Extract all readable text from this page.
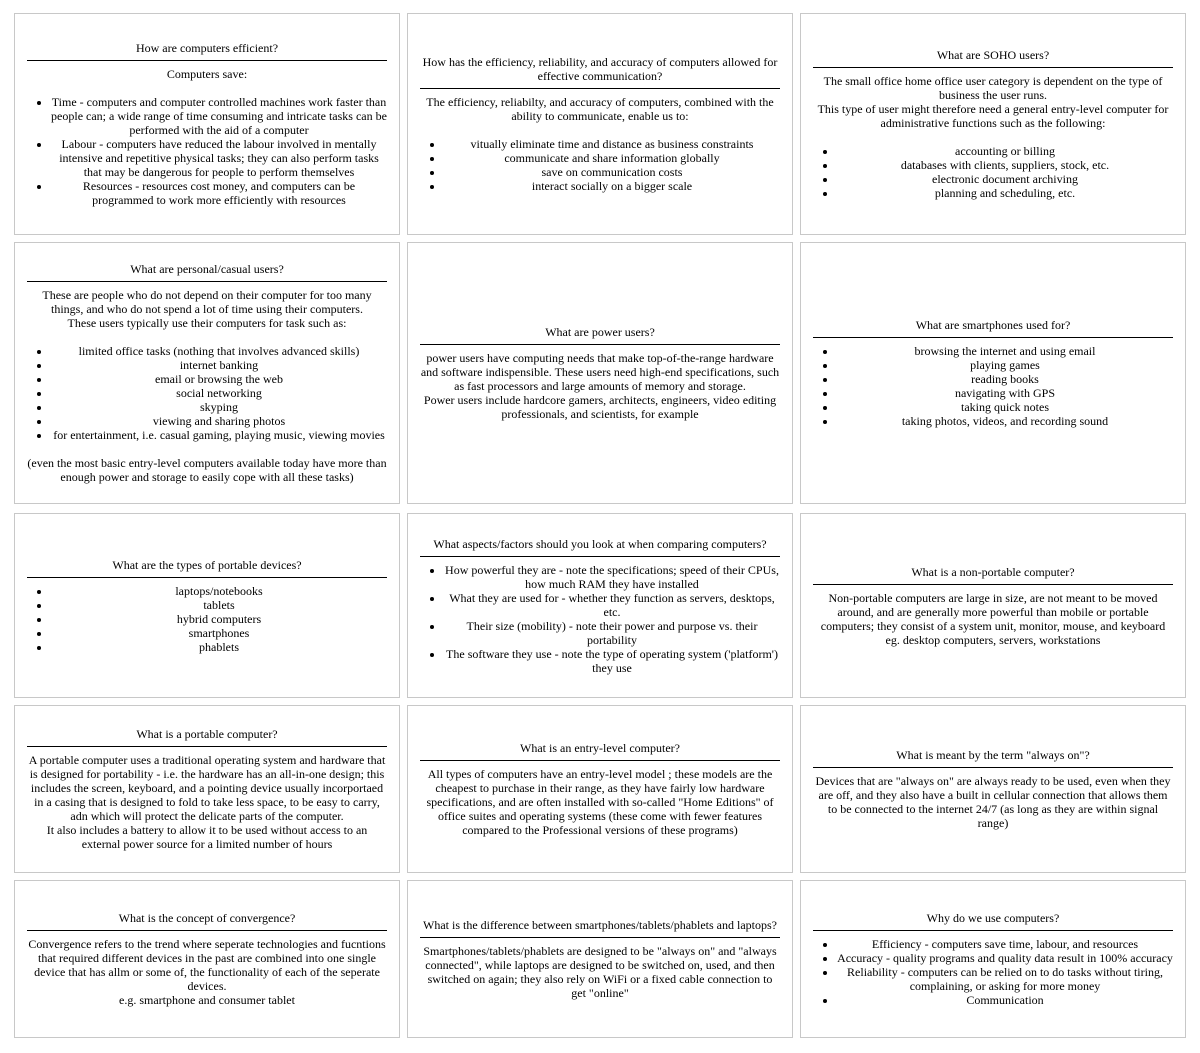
How are computers efficient?

Computers save:

• Time - computers and computer controlled machines work faster than people can; a wide range of time consuming and intricate tasks can be performed with the aid of a computer
• Labour - computers have reduced the labour involved in mentally intensive and repetitive physical tasks; they can also perform tasks that may be dangerous for people to perform themselves
• Resources - resources cost money, and computers can be programmed to work more efficiently with resources
How has the efficiency, reliability, and accuracy of computers allowed for effective communication?

The efficiency, reliabilty, and accuracy of computers, combined with the ability to communicate, enable us to:

• vitually eliminate time and distance as business constraints
• communicate and share information globally
• save on communication costs
• interact socially on a bigger scale
What are SOHO users?

The small office home office user category is dependent on the type of business the user runs.

This type of user might therefore need a general entry-level computer for administrative functions such as the following:

• accounting or billing
• databases with clients, suppliers, stock, etc.
• electronic document archiving
• planning and scheduling, etc.
What are personal/casual users?

These are people who do not depend on their computer for too many things, and who do not spend a lot of time using their computers.

These users typically use their computers for task such as:

• limited office tasks (nothing that involves advanced skills)
• internet banking
• email or browsing the web
• social networking
• skyping
• viewing and sharing photos
• for entertainment, i.e. casual gaming, playing music, viewing movies

(even the most basic entry-level computers available today have more than enough power and storage to easily cope with all these tasks)

What are power users?

power users have computing needs that make top-of-the-range hardware and software indispensible. These users need high-end specifications, such as fast processors and large amounts of memory and storage.

Power users include hardcore gamers, architects, engineers, video editing professionals, and scientists, for example

What are smartphones used for?
• browsing the internet and using email
• playing games
• reading books
• navigating with GPS
• taking quick notes
• taking photos, videos, and recording sound
What are the types of portable devices?
• laptops/notebooks
• tablets
• hybrid computers
• smartphones
• phablets
What aspects/factors should you look at when comparing computers?
• How powerful they are - note the specifications; speed of their CPUs, how much RAM they have installed
• What they are used for - whether they function as servers, desktops, etc.
• Their size (mobility) - note their power and purpose vs. their portability
• The software they use - note the type of operating system ('platform') they use
What is a non-portable computer?

Non-portable computers are large in size, are not meant to be moved around, and are generally more powerful than mobile or portable computers; they consist of a system unit, monitor, mouse, and keyboard

eg. desktop computers, servers, workstations

What is a portable computer?

A portable computer uses a traditional operating system and hardware that is designed for portability - i.e. the hardware has an all-in-one design; this includes the screen, keyboard, and a pointing device usually incorportaed in a casing that is designed to fold to take less space, to be easy to carry, adn which will protect the delicate parts of the computer.

It also includes a battery to allow it to be used without access to an external power source for a limited number of hours

What is an entry-level computer?

All types of computers have an entry-level model ; these models are the cheapest to purchase in their range, as they have fairly low hardware specifications, and are often installed with so-called "Home Editions" of office suites and operating systems (these come with fewer features compared to the Professional versions of these programs)

What is meant by the term "always on"?

Devices that are "always on" are always ready to be used, even when they are off, and they also have a built in cellular connection that allows them to be connected to the internet 24/7 (as long as they are within signal range)

What is the concept of convergence?

Convergence refers to the trend where seperate technologies and fucntions that required different devices in the past are combined into one single device that has allm or some of, the functionality of each of the seperate devices.

e.g. smartphone and consumer tablet

What is the difference between smartphones/tablets/phablets and laptops?

Smartphones/tablets/phablets are designed to be "always on" and "always connected", while laptops are designed to be switched on, used, and then switched on again; they also rely on WiFi or a fixed cable connection to get "online"

Why do we use computers?
• Efficiency - computers save time, labour, and resources
• Accuracy - quality programs and quality data result in 100% accuracy
• Reliability - computers can be relied on to do tasks without tiring, complaining, or asking for more money
• Communication
